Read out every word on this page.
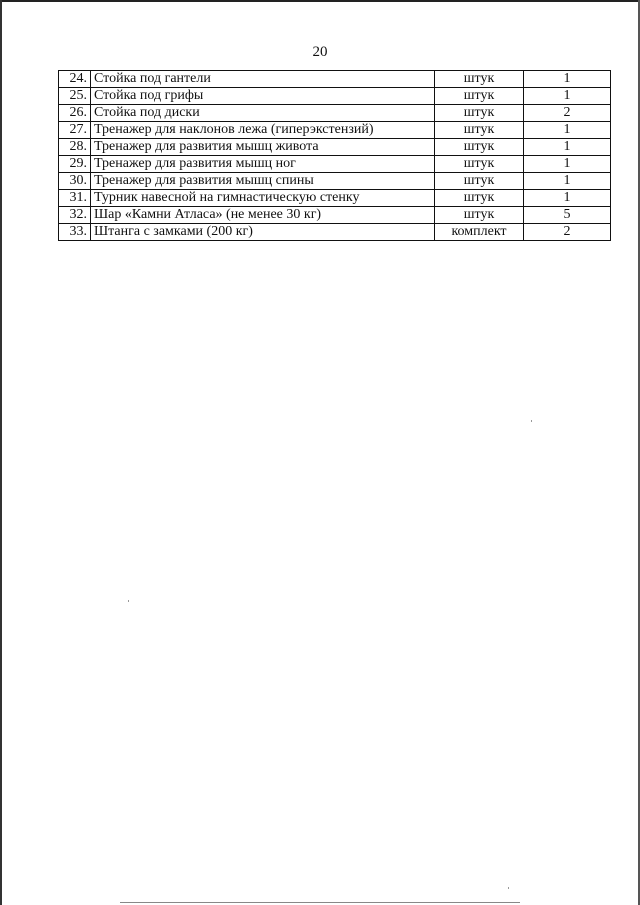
20
24.	Стойка под гантели	штук	1
25.	Стойка под грифы	штук	1
26.	Стойка под диски	штук	2
27.	Тренажер для наклонов лежа (гиперэкстензий)	штук	1
28.	Тренажер для развития мышц живота	штук	1
29.	Тренажер для развития мышц ног	штук	1
30.	Тренажер для развития мышц спины	штук	1
31.	Турник навесной на гимнастическую стенку	штук	1
32.	Шар «Камни Атласа» (не менее 30 кг)	штук	5
33.	Штанга с замками (200 кг)	комплект	2
